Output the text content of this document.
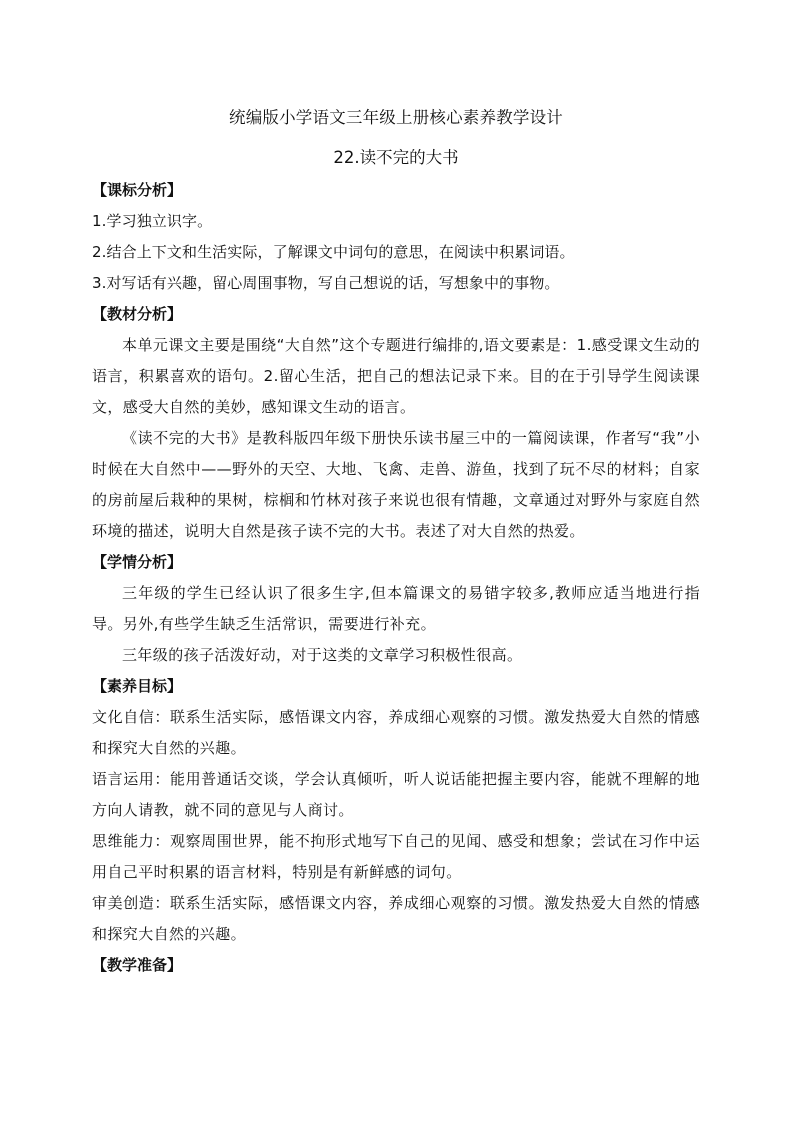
统编版小学语文三年级上册核心素养教学设计
22.读不完的大书
【课标分析】

1.学习独立识字。

2.结合上下文和生活实际，了解课文中词句的意思，在阅读中积累词语。

3.对写话有兴趣，留心周围事物，写自己想说的话，写想象中的事物。

【教材分析】

本单元课文主要是围绕“大自然”这个专题进行编排的,语文要素是：1.感受课文生动的语言，积累喜欢的语句。2.留心生活，把自己的想法记录下来。目的在于引导学生阅读课文，感受大自然的美妙，感知课文生动的语言。

《读不完的大书》是教科版四年级下册快乐读书屋三中的一篇阅读课，作者写“我”小时候在大自然中——野外的天空、大地、飞禽、走兽、游鱼，找到了玩不尽的材料；自家的房前屋后栽种的果树，棕榈和竹林对孩子来说也很有情趣，文章通过对野外与家庭自然环境的描述，说明大自然是孩子读不完的大书。表述了对大自然的热爱。

【学情分析】

三年级的学生已经认识了很多生字,但本篇课文的易错字较多,教师应适当地进行指导。另外,有些学生缺乏生活常识，需要进行补充。

三年级的孩子活泼好动，对于这类的文章学习积极性很高。

【素养目标】

文化自信：联系生活实际，感悟课文内容，养成细心观察的习惯。激发热爱大自然的情感和探究大自然的兴趣。

语言运用：能用普通话交谈，学会认真倾听，听人说话能把握主要内容，能就不理解的地方向人请教，就不同的意见与人商讨。

思维能力：观察周围世界，能不拘形式地写下自己的见闻、感受和想象；尝试在习作中运用自己平时积累的语言材料，特别是有新鲜感的词句。

审美创造：联系生活实际，感悟课文内容，养成细心观察的习惯。激发热爱大自然的情感和探究大自然的兴趣。

【教学准备】
